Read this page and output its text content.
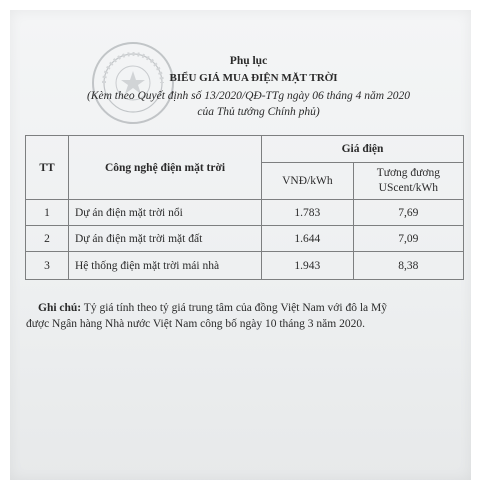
Phụ lục
BIỂU GIÁ MUA ĐIỆN MẶT TRỜI
(Kèm theo Quyết định số 13/2020/QĐ-TTg ngày 06 tháng 4 năm 2020
của Thủ tướng Chính phủ)
TT	Công nghệ điện mặt trời	Giá điện	
		VNĐ/kWh	Tương đương
UScent/kWh
1	Dự án điện mặt trời nổi	1.783	7,69
2	Dự án điện mặt trời mặt đất	1.644	7,09
3	Hệ thống điện mặt trời mái nhà	1.943	8,38
Ghi chú: Tỷ giá tính theo tỷ giá trung tâm của đồng Việt Nam với đô la Mỹ
được Ngân hàng Nhà nước Việt Nam công bố ngày 10 tháng 3 năm 2020.
